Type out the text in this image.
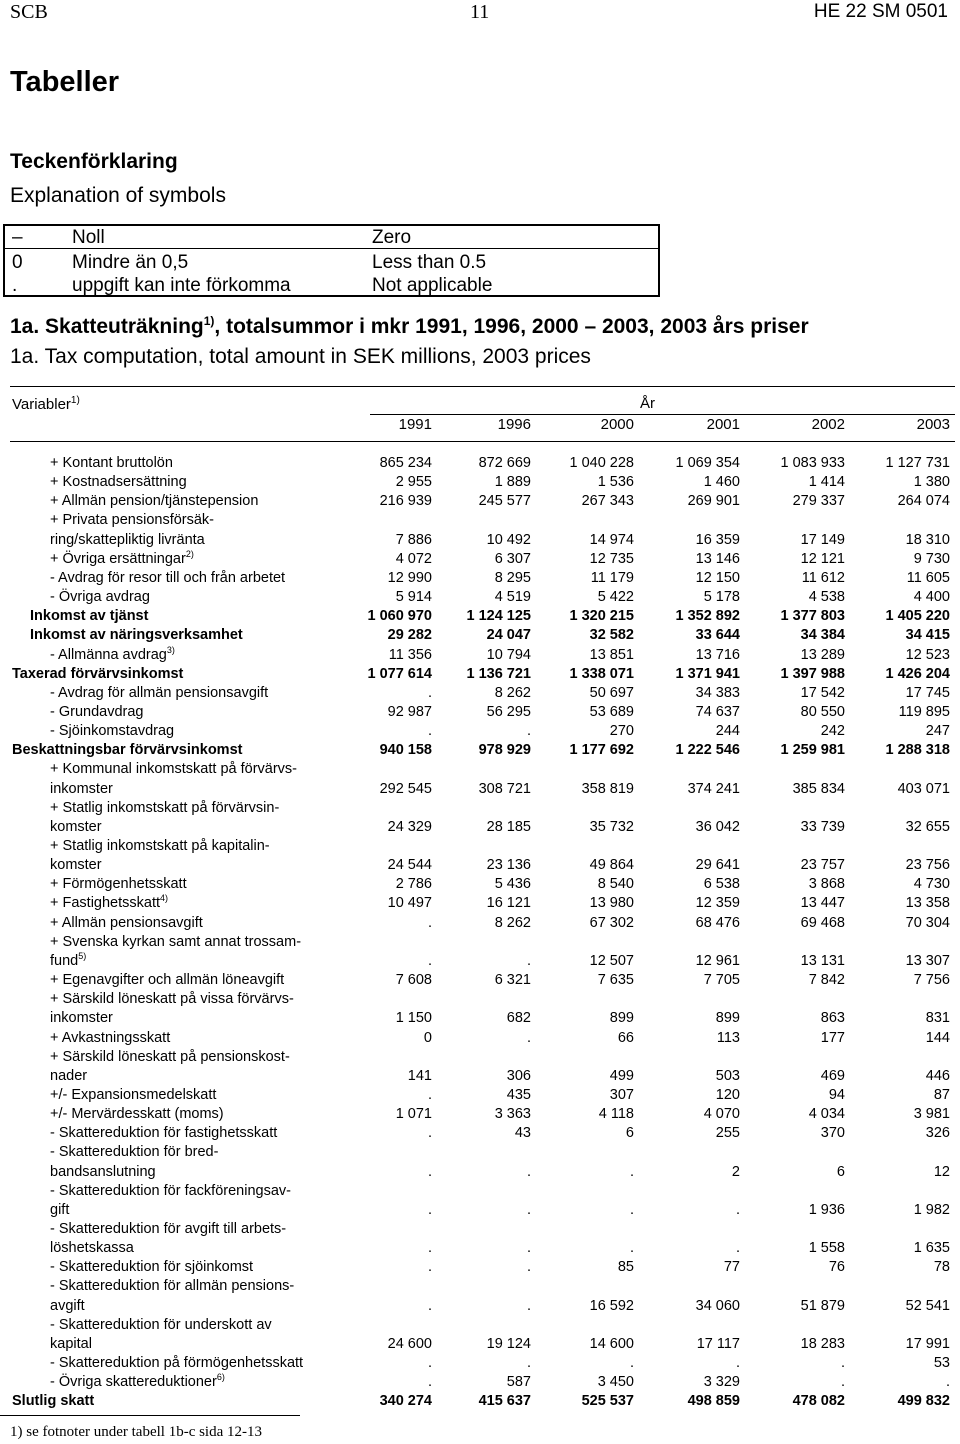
SCB	11	HE 22 SM 0501
Tabeller
Teckenförklaring
Explanation of symbols
–	Noll	Zero
0	Mindre än 0,5	Less than 0.5
.	uppgift kan inte förkomma	Not applicable
1a. Skatteuträkning$^{1)}$, totalsummor i mkr 1991, 1996, 2000 – 2003, 2003 års priser
1a. Tax computation, total amount in SEK millions, 2003 prices
Variabler$^{1)}$	År
1991	1996	2000	2001	2002	2003
+ Kontant bruttolön	865 234	872 669	1 040 228	1 069 354	1 083 933	1 127 731
+ Kostnadsersättning	2 955	1 889	1 536	1 460	1 414	1 380
+ Allmän pension/tjänstepension	216 939	245 577	267 343	269 901	279 337	264 074
+ Privata pensionsförsäk-
ring/skattepliktig livränta	7 886	10 492	14 974	16 359	17 149	18 310
+ Övriga ersättningar$^{2)}$	4 072	6 307	12 735	13 146	12 121	9 730
- Avdrag för resor till och från arbetet	12 990	8 295	11 179	12 150	11 612	11 605
- Övriga avdrag	5 914	4 519	5 422	5 178	4 538	4 400
Inkomst av tjänst	1 060 970	1 124 125	1 320 215	1 352 892	1 377 803	1 405 220
Inkomst av näringsverksamhet	29 282	24 047	32 582	33 644	34 384	34 415
- Allmänna avdrag$^{3)}$	11 356	10 794	13 851	13 716	13 289	12 523
Taxerad förvärvsinkomst	1 077 614	1 136 721	1 338 071	1 371 941	1 397 988	1 426 204
- Avdrag för allmän pensionsavgift	.	8 262	50 697	34 383	17 542	17 745
- Grundavdrag	92 987	56 295	53 689	74 637	80 550	119 895
- Sjöinkomstavdrag	.	.	270	244	242	247
Beskattningsbar förvärvsinkomst	940 158	978 929	1 177 692	1 222 546	1 259 981	1 288 318
+ Kommunal inkomstskatt på förvärvs-
inkomster	292 545	308 721	358 819	374 241	385 834	403 071
+ Statlig inkomstskatt på förvärvsin-
komster	24 329	28 185	35 732	36 042	33 739	32 655
+ Statlig inkomstskatt på kapitalin-
komster	24 544	23 136	49 864	29 641	23 757	23 756
+ Förmögenhetsskatt	2 786	5 436	8 540	6 538	3 868	4 730
+ Fastighetsskatt$^{4)}$	10 497	16 121	13 980	12 359	13 447	13 358
+ Allmän pensionsavgift	.	8 262	67 302	68 476	69 468	70 304
+ Svenska kyrkan samt annat trossam-
fund$^{5)}$	.	.	12 507	12 961	13 131	13 307
+ Egenavgifter och allmän löneavgift	7 608	6 321	7 635	7 705	7 842	7 756
+ Särskild löneskatt på vissa förvärvs-
inkomster	1 150	682	899	899	863	831
+ Avkastningsskatt	0	.	66	113	177	144
+ Särskild löneskatt på pensionskost-
nader	141	306	499	503	469	446
+/- Expansionsmedelskatt	.	435	307	120	94	87
+/- Mervärdesskatt (moms)	1 071	3 363	4 118	4 070	4 034	3 981
- Skattereduktion för fastighetsskatt	.	43	6	255	370	326
- Skattereduktion för bred-
bandsanslutning	.	.	.	2	6	12
- Skattereduktion för fackföreningsav-
gift	.	.	.	.	1 936	1 982
- Skattereduktion för avgift till arbets-
löshetskassa	.	.	.	.	1 558	1 635
- Skattereduktion för sjöinkomst	.	.	85	77	76	78
- Skattereduktion för allmän pensions-
avgift	.	.	16 592	34 060	51 879	52 541
- Skattereduktion för underskott av
kapital	24 600	19 124	14 600	17 117	18 283	17 991
- Skattereduktion på förmögenhetsskatt	.	.	.	.	.	53
- Övriga skattereduktioner$^{6)}$	.	587	3 450	3 329	.	.
Slutlig skatt	340 274	415 637	525 537	498 859	478 082	499 832
1) se fotnoter under tabell 1b-c sida 12-13
